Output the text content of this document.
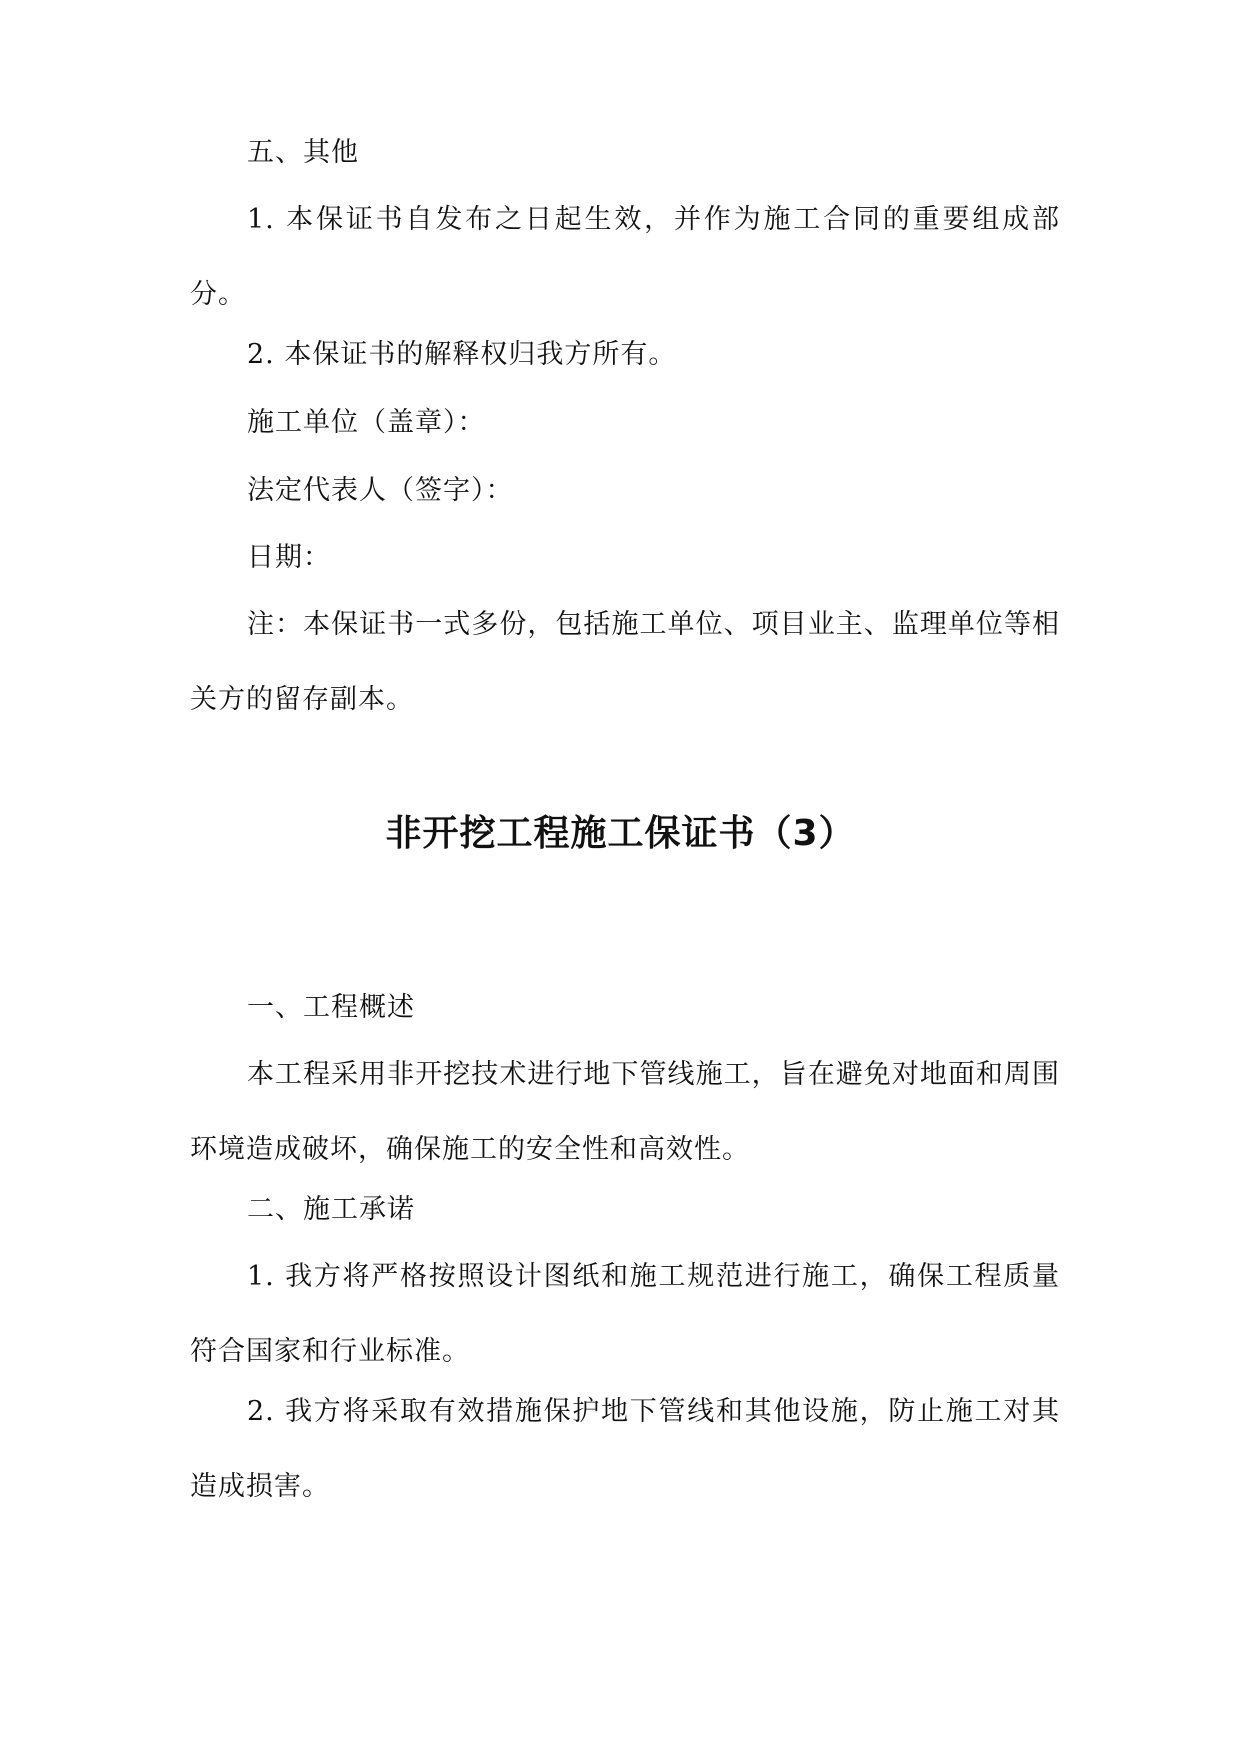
五、其他

1. 本保证书自发布之日起生效，并作为施工合同的重要组成部分。

2. 本保证书的解释权归我方所有。

施工单位（盖章）：

法定代表人（签字）：

日期：

注：本保证书一式多份，包括施工单位、项目业主、监理单位等相关方的留存副本。

非开挖工程施工保证书（3）

一、工程概述

本工程采用非开挖技术进行地下管线施工，旨在避免对地面和周围环境造成破坏，确保施工的安全性和高效性。

二、施工承诺

1. 我方将严格按照设计图纸和施工规范进行施工，确保工程质量符合国家和行业标准。

2. 我方将采取有效措施保护地下管线和其他设施，防止施工对其造成损害。
